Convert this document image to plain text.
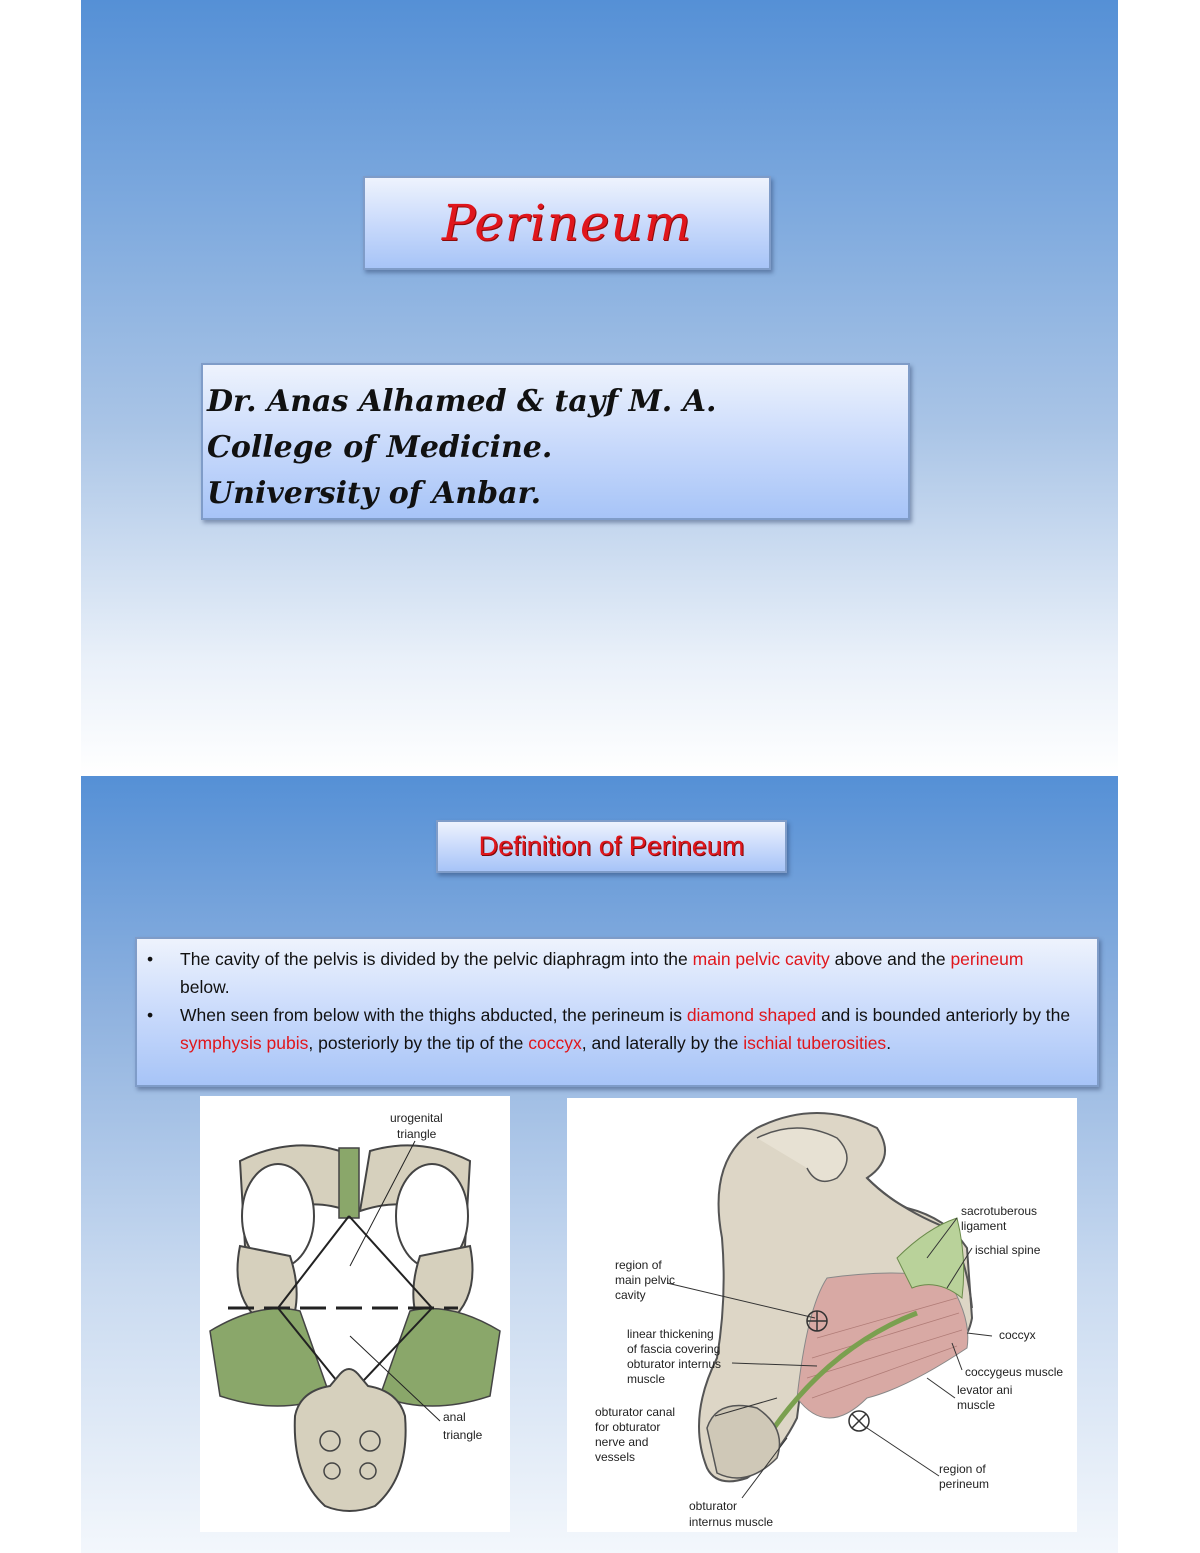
Perineum
Dr. Anas Alhamed & tayf M. A.
College of Medicine.
University of Anbar.
Definition of Perineum
•	The cavity of the pelvis is divided by the pelvic diaphragm into the main pelvic cavity above and the perineum below.
•	When seen from below with the thighs abducted, the perineum is diamond shaped and is bounded anteriorly by the symphysis pubis, posteriorly by the tip of the coccyx, and laterally by the ischial tuberosities.
urogenital
triangle
anal
triangle
sacrotuberous
ligament
ischial spine
region of
main pelvic
cavity
linear thickening
of fascia covering
obturator internus
muscle
coccyx
coccygeus muscle
levator ani
muscle
obturator canal
for obturator
nerve and
vessels
region of
perineum
obturator
internus muscle
